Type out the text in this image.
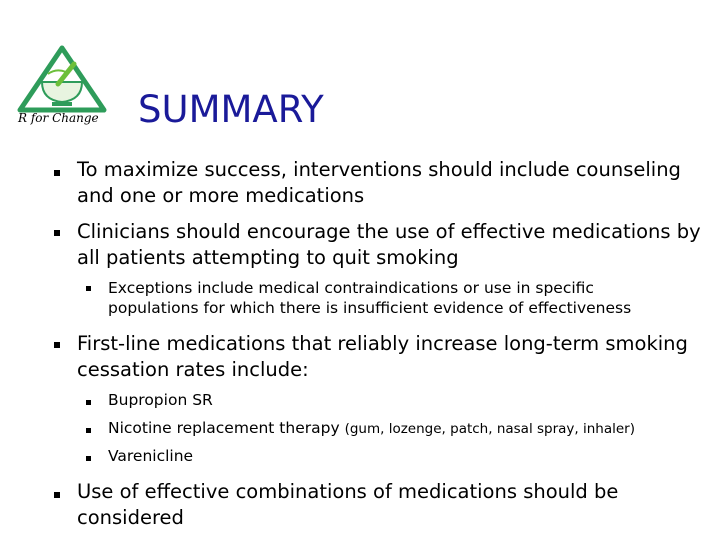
R for Change	SUMMARY
To maximize success, interventions should include counseling
and one or more medications
Clinicians should encourage the use of effective medications by
all patients attempting to quit smoking
Exceptions include medical contraindications or use in specific
populations for which there is insufficient evidence of effectiveness
First-line medications that reliably increase long-term smoking
cessation rates include:
Bupropion SR
Nicotine replacement therapy (gum, lozenge, patch, nasal spray, inhaler)
Varenicline
Use of effective combinations of medications should be
considered
